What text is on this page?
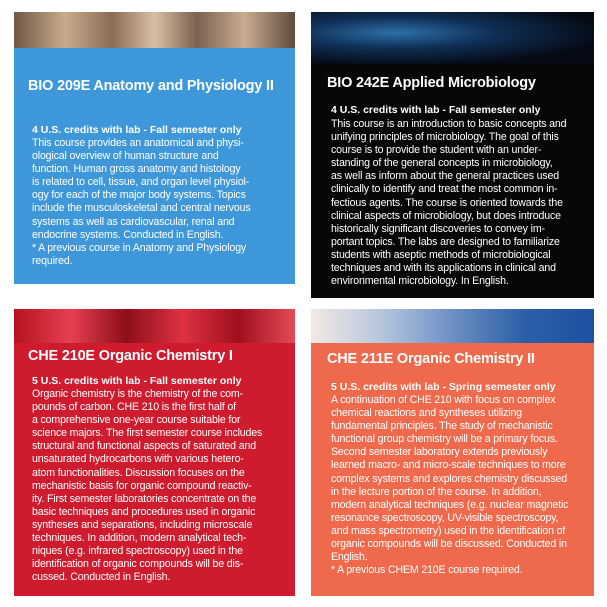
BIO 209E Anatomy and Physiology II
4 U.S. credits with lab - Fall semester only
This course provides an anatomical and physi-
ological overview of human structure and
function. Human gross anatomy and histology
is related to cell, tissue, and organ level physiol-
ogy for each of the major body systems. Topics
include the musculoskeletal and central nervous
systems as well as cardiovascular, renal and
endocrine systems. Conducted in English.
* A previous course in Anatomy and Physiology
required.
BIO 242E Applied Microbiology
4 U.S. credits with lab - Fall semester only
This course is an introduction to basic concepts and
unifying principles of microbiology. The goal of this
course is to provide the student with an under-
standing of the general concepts in microbiology,
as well as inform about the general practices used
clinically to identify and treat the most common in-
fectious agents. The course is oriented towards the
clinical aspects of microbiology, but does introduce
historically significant discoveries to convey im-
portant topics. The labs are designed to familiarize
students with aseptic methods of microbiological
techniques and with its applications in clinical and
environmental microbiology. In English.
CHE 210E Organic Chemistry I
5 U.S. credits with lab - Fall semester only
Organic chemistry is the chemistry of the com-
pounds of carbon. CHE 210 is the first half of
a comprehensive one-year course suitable for
science majors. The first semester course includes
structural and functional aspects of saturated and
unsaturated hydrocarbons with various hetero-
atom functionalities. Discussion focuses on the
mechanistic basis for organic compound reactiv-
ity. First semester laboratories concentrate on the
basic techniques and procedures used in organic
syntheses and separations, including microscale
techniques. In addition, modern analytical tech-
niques (e.g. infrared spectroscopy) used in the
identification of organic compounds will be dis-
cussed. Conducted in English.
CHE 211E Organic Chemistry II
5 U.S. credits with lab - Spring semester only
A continuation of CHE 210 with focus on complex
chemical reactions and syntheses utilizing
fundamental principles. The study of mechanistic
functional group chemistry will be a primary focus.
Second semester laboratory extends previously
learned macro- and micro-scale techniques to more
complex systems and explores chemistry discussed
in the lecture portion of the course. In addition,
modern analytical techniques (e.g. nuclear magnetic
resonance spectroscopy, UV-visible spectroscopy,
and mass spectrometry) used in the identification of
organic compounds will be discussed. Conducted in
English.
* A previous CHEM 210E course required.
